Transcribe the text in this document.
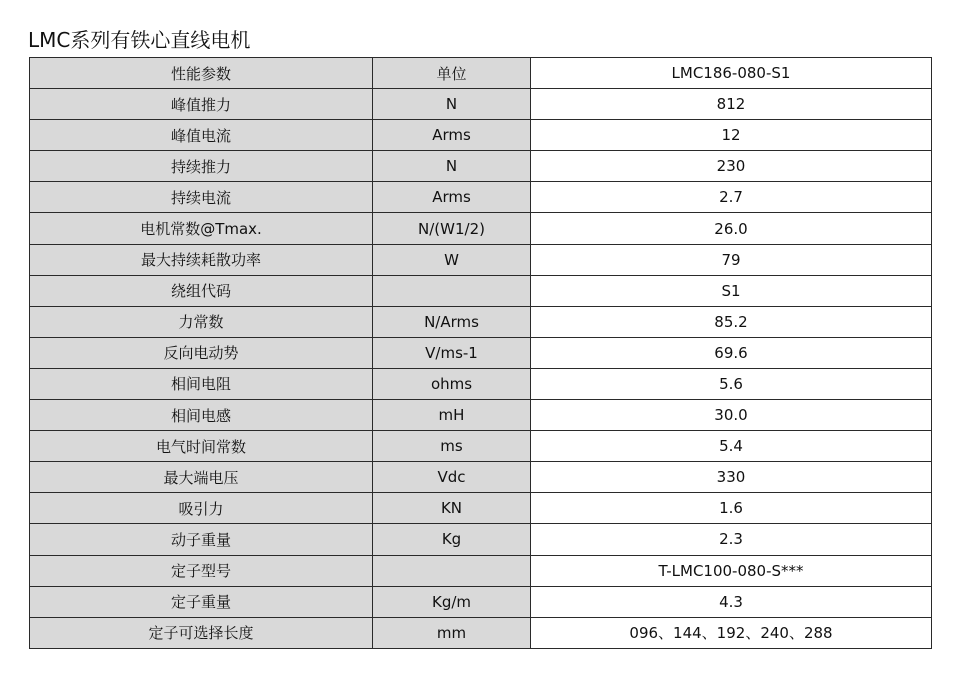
LMC系列有铁心直线电机
性能参数	单位	LMC186-080-S1
峰值推力	N	812
峰值电流	Arms	12
持续推力	N	230
持续电流	Arms	2.7
电机常数@Tmax.	N/(W1/2)	26.0
最大持续耗散功率	W	79
绕组代码		S1
力常数	N/Arms	85.2
反向电动势	V/ms-1	69.6
相间电阻	ohms	5.6
相间电感	mH	30.0
电气时间常数	ms	5.4
最大端电压	Vdc	330
吸引力	KN	1.6
动子重量	Kg	2.3
定子型号		T-LMC100-080-S***
定子重量	Kg/m	4.3
定子可选择长度	mm	096、144、192、240、288
